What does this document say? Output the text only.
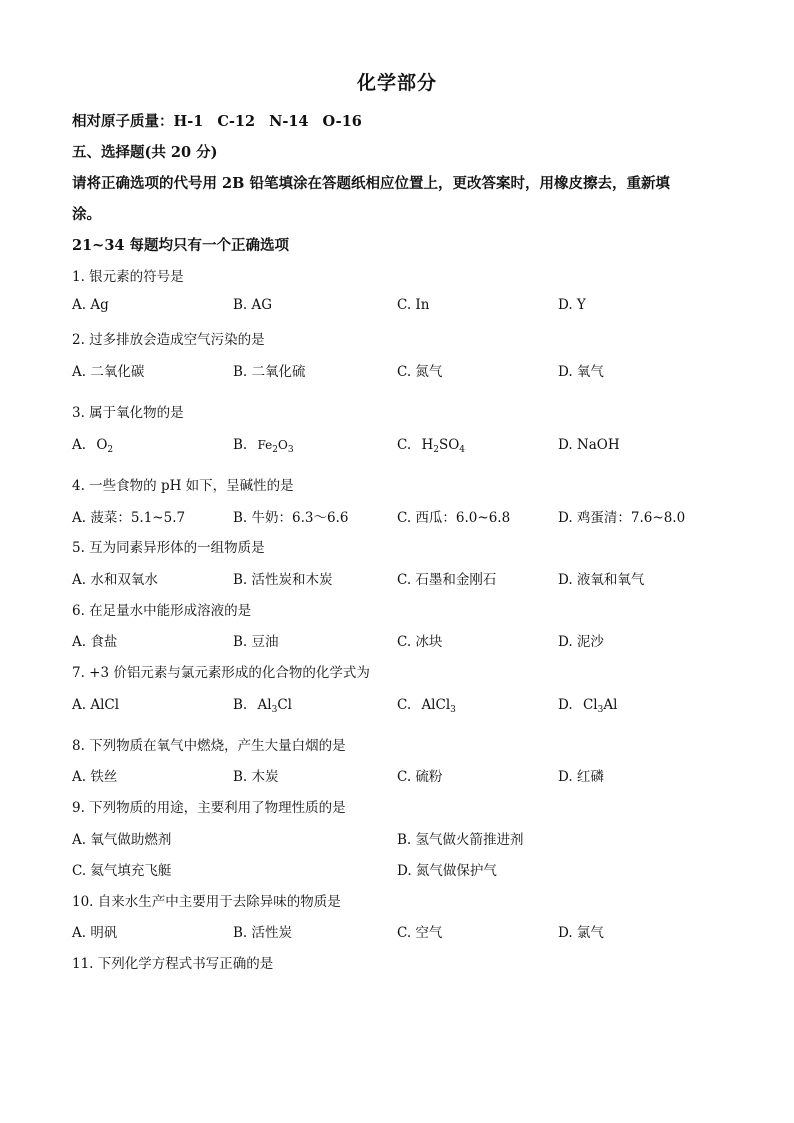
化学部分
相对原子质量：H-1 C-12 N-14 O-16
五、选择题(共 20 分)
请将正确选项的代号用 2B 铅笔填涂在答题纸相应位置上，更改答案时，用橡皮擦去，重新填
涂。
21~34 每题均只有一个正确选项
1. 银元素的符号是
A. Ag	B. AG	C. In	D. Y
2. 过多排放会造成空气污染的是
A. 二氧化碳	B. 二氧化硫	C. 氮气	D. 氧气
3. 属于氧化物的是
A. $O_2$	B. $Fe_2O_3$	C. $H_2SO_4$	D. NaOH
4. 一些食物的 pH 如下，呈碱性的是
A. 菠菜：5.1~5.7	B. 牛奶：6.3～6.6	C. 西瓜：6.0~6.8	D. 鸡蛋清：7.6~8.0
5. 互为同素异形体的一组物质是
A. 水和双氧水	B. 活性炭和木炭	C. 石墨和金刚石	D. 液氧和氧气
6. 在足量水中能形成溶液的是
A. 食盐	B. 豆油	C. 冰块	D. 泥沙
7. +3 价铝元素与氯元素形成的化合物的化学式为
A. AlCl	B. $Al_3Cl$	C. AlCl$_3$	D. $Cl_3Al$
8. 下列物质在氧气中燃烧，产生大量白烟的是
A. 铁丝	B. 木炭	C. 硫粉	D. 红磷
9. 下列物质的用途，主要利用了物理性质的是
A. 氧气做助燃剂	B. 氢气做火箭推进剂
C. 氦气填充飞艇	D. 氮气做保护气
10. 自来水生产中主要用于去除异味的物质是
A. 明矾	B. 活性炭	C. 空气	D. 氯气
11. 下列化学方程式书写正确的是
